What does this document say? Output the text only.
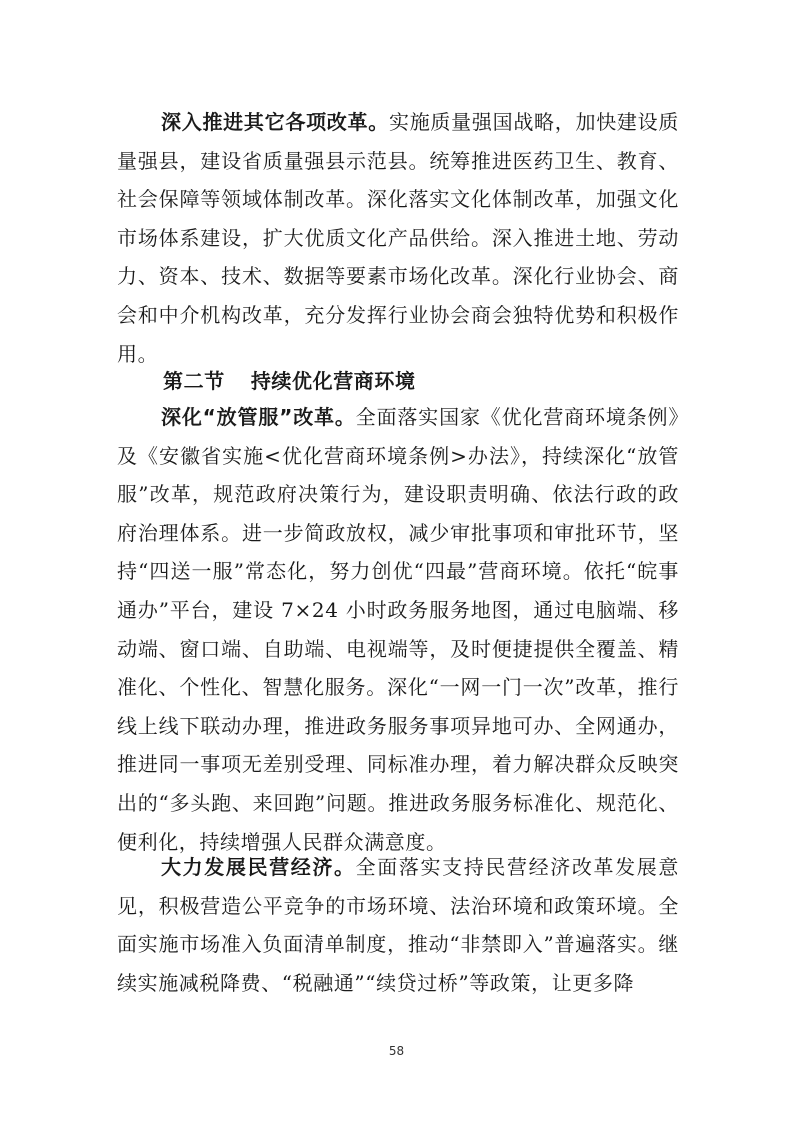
深入推进其它各项改革。实施质量强国战略，加快建设质量强县，建设省质量强县示范县。统筹推进医药卫生、教育、社会保障等领域体制改革。深化落实文化体制改革，加强文化市场体系建设，扩大优质文化产品供给。深入推进土地、劳动力、资本、技术、数据等要素市场化改革。深化行业协会、商会和中介机构改革，充分发挥行业协会商会独特优势和积极作用。

第二节 持续优化营商环境

深化“放管服”改革。全面落实国家《优化营商环境条例》及《安徽省实施<优化营商环境条例>办法》，持续深化“放管服”改革，规范政府决策行为，建设职责明确、依法行政的政府治理体系。进一步简政放权，减少审批事项和审批环节，坚持“四送一服”常态化，努力创优“四最”营商环境。依托“皖事通办”平台，建设 7×24 小时政务服务地图，通过电脑端、移动端、窗口端、自助端、电视端等，及时便捷提供全覆盖、精准化、个性化、智慧化服务。深化“一网一门一次”改革，推行线上线下联动办理，推进政务服务事项异地可办、全网通办，推进同一事项无差别受理、同标准办理，着力解决群众反映突出的“多头跑、来回跑”问题。推进政务服务标准化、规范化、便利化，持续增强人民群众满意度。

大力发展民营经济。全面落实支持民营经济改革发展意见，积极营造公平竞争的市场环境、法治环境和政策环境。全面实施市场准入负面清单制度，推动“非禁即入”普遍落实。继续实施减税降费、“税融通”“续贷过桥”等政策，让更多降

58
